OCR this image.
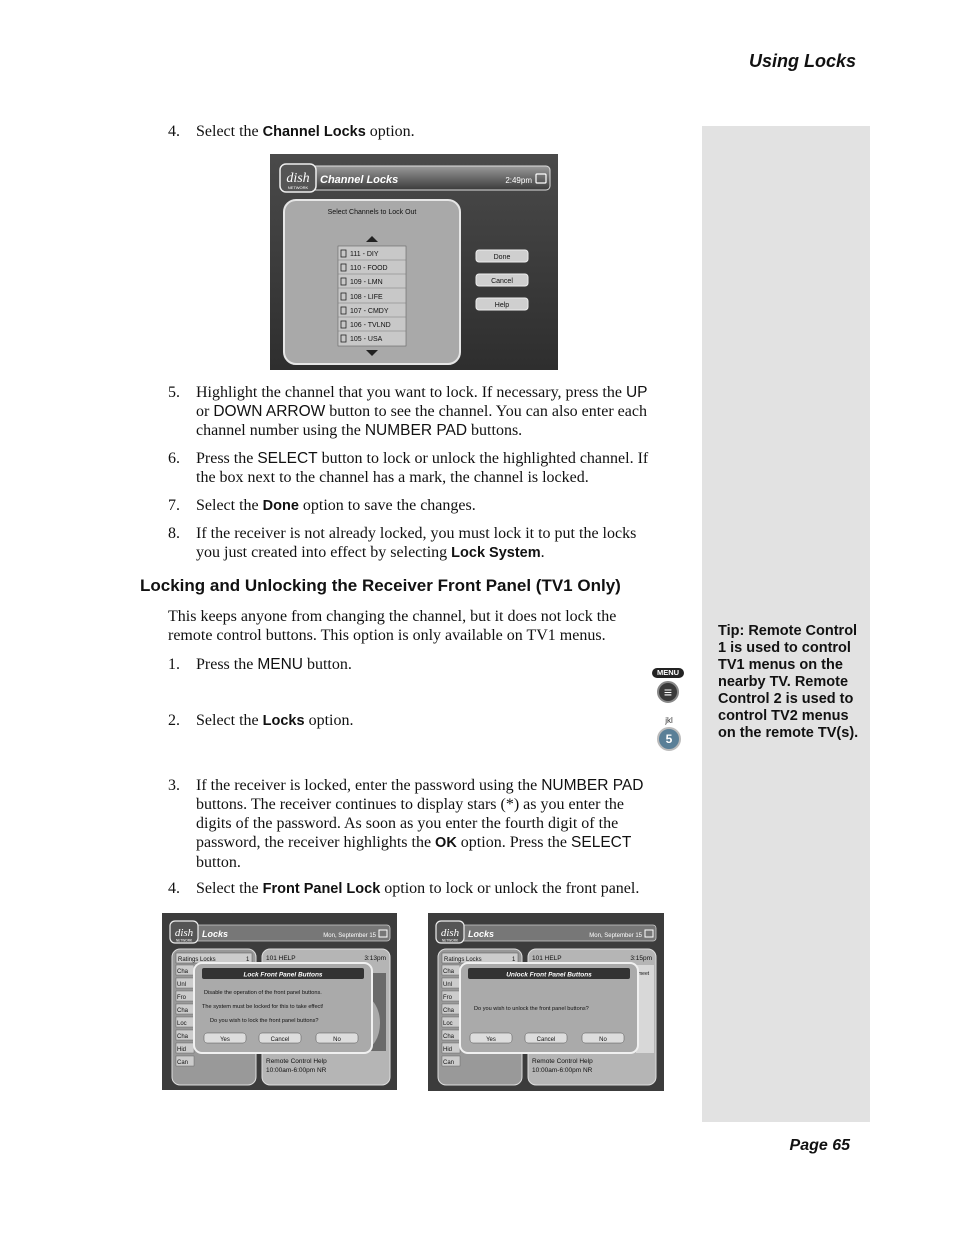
Using Locks
Tip: Remote Control 1 is used to control TV1 menus on the nearby TV. Remote Control 2 is used to control TV2 menus on the remote TV(s).
4. Select the Channel Locks option.
dish
NETWORK
Channel Locks	2:49pm
Select Channels to Lock Out
111 - DIY
110 - FOOD
109 - LMN
108 - LIFE
107 - CMDY
106 - TVLND
105 - USA
Done
Cancel
Help
5. Highlight the channel that you want to lock. If necessary, press the UP
or DOWN ARROW button to see the channel. You can also enter each
channel number using the NUMBER PAD buttons.
6. Press the SELECT button to lock or unlock the highlighted channel. If
the box next to the channel has a mark, the channel is locked.
7. Select the Done option to save the changes.
8. If the receiver is not already locked, you must lock it to put the locks
you just created into effect by selecting Lock System.
Locking and Unlocking the Receiver Front Panel (TV1 Only)
This keeps anyone from changing the channel, but it does not lock the
remote control buttons. This option is only available on TV1 menus.
1. Press the MENU button.	MENU
≡
2. Select the Locks option.	jkl
5
3. If the receiver is locked, enter the password using the NUMBER PAD
buttons. The receiver continues to display stars (*) as you enter the
digits of the password. As soon as you enter the fourth digit of the
password, the receiver highlights the OK option. Press the SELECT
button.
4. Select the Front Panel Lock option to lock or unlock the front panel.
dish
NETWORK
Locks	Mon, September 15
Ratings Locks	1
Cha
Unl
Fro
Cha
Loc
Cha
Hid
Can
101 HELP	3:13pm
Remote Control Help
10:00am-6:00pm NR
Lock Front Panel Buttons
Disable the operation of the front panel buttons.
The system must be locked for this to take effect!
Do you wish to lock the front panel buttons?
Yes	Cancel	No
dish
NETWORK
Locks	Mon, September 15
Ratings Locks	1
Cha
Unl
Fro
Cha
Loc
Cha
Hid
Can
101 HELP	3:15pm
meet
Remote Control Help
10:00am-6:00pm NR
Unlock Front Panel Buttons
Do you wish to unlock the front panel buttons?
Yes	Cancel	No
Page 65
